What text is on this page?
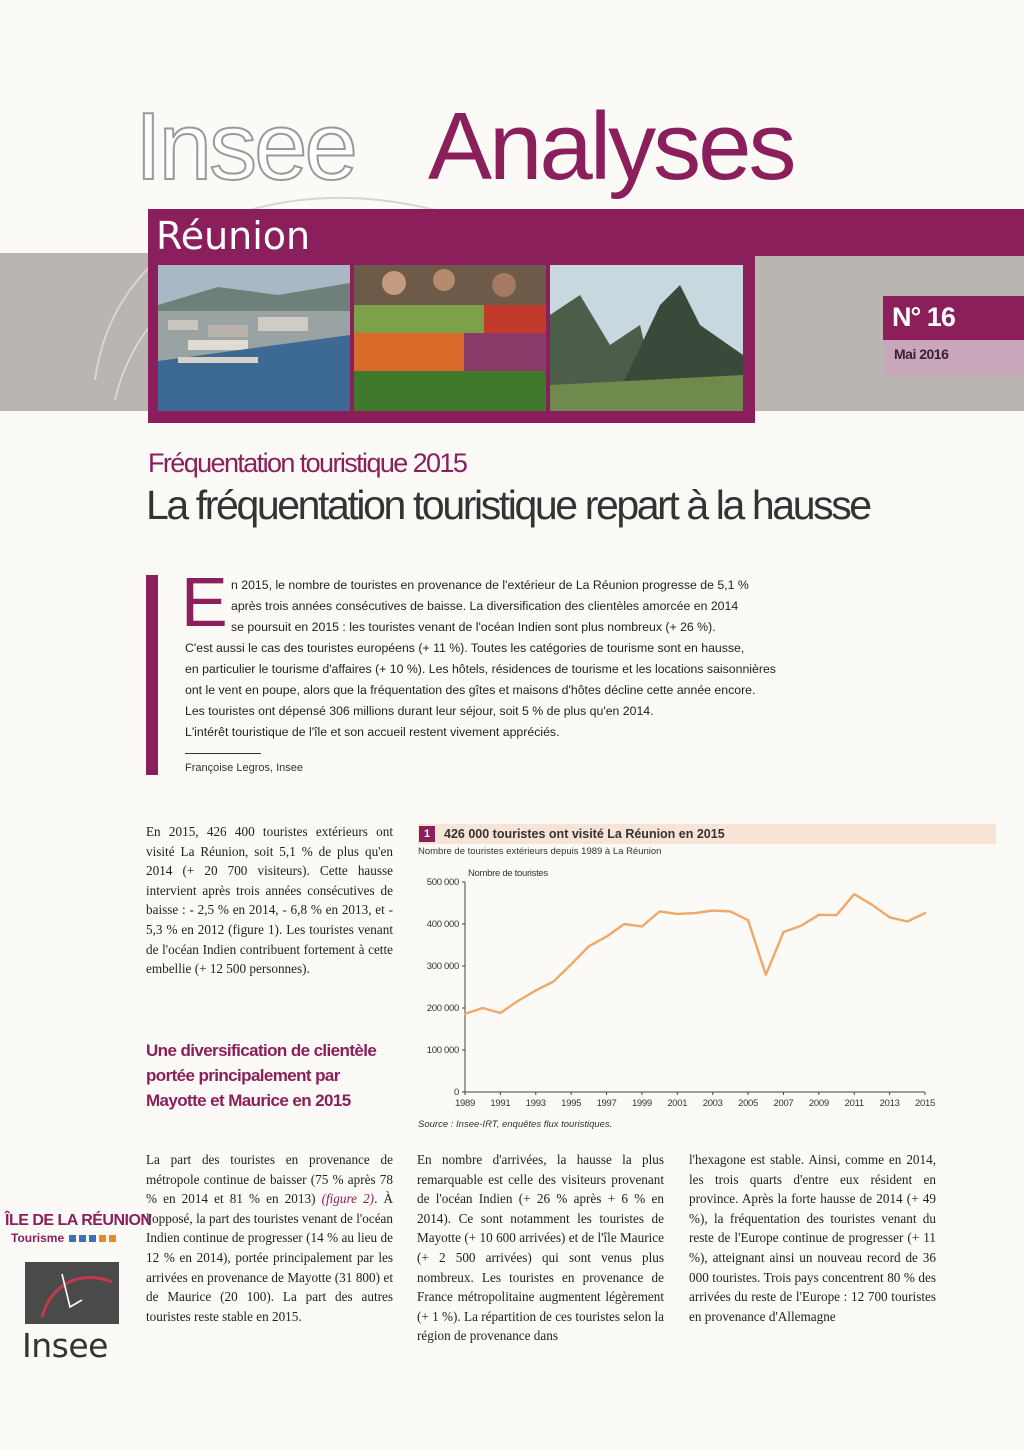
Insee Analyses
Réunion
N° 16
Mai 2016
Fréquentation touristique 2015
La fréquentation touristique repart à la hausse
E n 2015, le nombre de touristes en provenance de l'extérieur de La Réunion progresse de 5,1 %
après trois années consécutives de baisse. La diversification des clientèles amorcée en 2014
se poursuit en 2015 : les touristes venant de l'océan Indien sont plus nombreux (+ 26 %).
C'est aussi le cas des touristes européens (+ 11 %). Toutes les catégories de tourisme sont en hausse,
en particulier le tourisme d'affaires (+ 10 %). Les hôtels, résidences de tourisme et les locations saisonnières
ont le vent en poupe, alors que la fréquentation des gîtes et maisons d'hôtes décline cette année encore.
Les touristes ont dépensé 306 millions durant leur séjour, soit 5 % de plus qu'en 2014.
L'intérêt touristique de l'île et son accueil restent vivement appréciés.
Françoise Legros, Insee

En 2015, 426 400 touristes extérieurs ont visité La Réunion, soit 5,1 % de plus qu'en 2014 (+ 20 700 visiteurs). Cette hausse intervient après trois années consécutives de baisse : - 2,5 % en 2014, - 6,8 % en 2013, et - 5,3 % en 2012 (figure 1). Les touristes venant de l'océan Indien contribuent fortement à cette embellie (+ 12 500 personnes).

Une diversification de clientèle portée principalement par Mayotte et Maurice en 2015

La part des touristes en provenance de métropole continue de baisser (75 % après 78 % en 2014 et 81 % en 2013) (figure 2). À l'opposé, la part des touristes venant de l'océan Indien continue de progresser (14 % au lieu de 12 % en 2014), portée principalement par les arrivées en provenance de Mayotte (31 800) et de Maurice (20 100). La part des autres touristes reste stable en 2015.

En nombre d'arrivées, la hausse la plus remarquable est celle des visiteurs provenant de l'océan Indien (+ 26 % après + 6 % en 2014). Ce sont notamment les touristes de Mayotte (+ 10 600 arrivées) et de l'île Maurice (+ 2 500 arrivées) qui sont venus plus nombreux. Les touristes en provenance de France métropolitaine augmentent légèrement (+ 1 %). La répartition de ces touristes selon la région de provenance dans

l'hexagone est stable. Ainsi, comme en 2014, les trois quarts d'entre eux résident en province. Après la forte hausse de 2014 (+ 49 %), la fréquentation des touristes venant du reste de l'Europe continue de progresser (+ 11 %), atteignant ainsi un nouveau record de 36 000 touristes. Trois pays concentrent 80 % des arrivées du reste de l'Europe : 12 700 touristes en provenance d'Allemagne

1	426 000 touristes ont visité La Réunion en 2015
Nombre de touristes extérieurs depuis 1989 à La Réunion
0
100 000
200 000
300 000
400 000
500 000
1989 1991 1993 1995 1997 1999 2001 2003 2005 2007 2009 2011 2013 2015
Nombre de touristes
Source : Insee-IRT, enquêtes flux touristiques.
ÎLE DE LA RÉUNION
Tourisme
Insee
